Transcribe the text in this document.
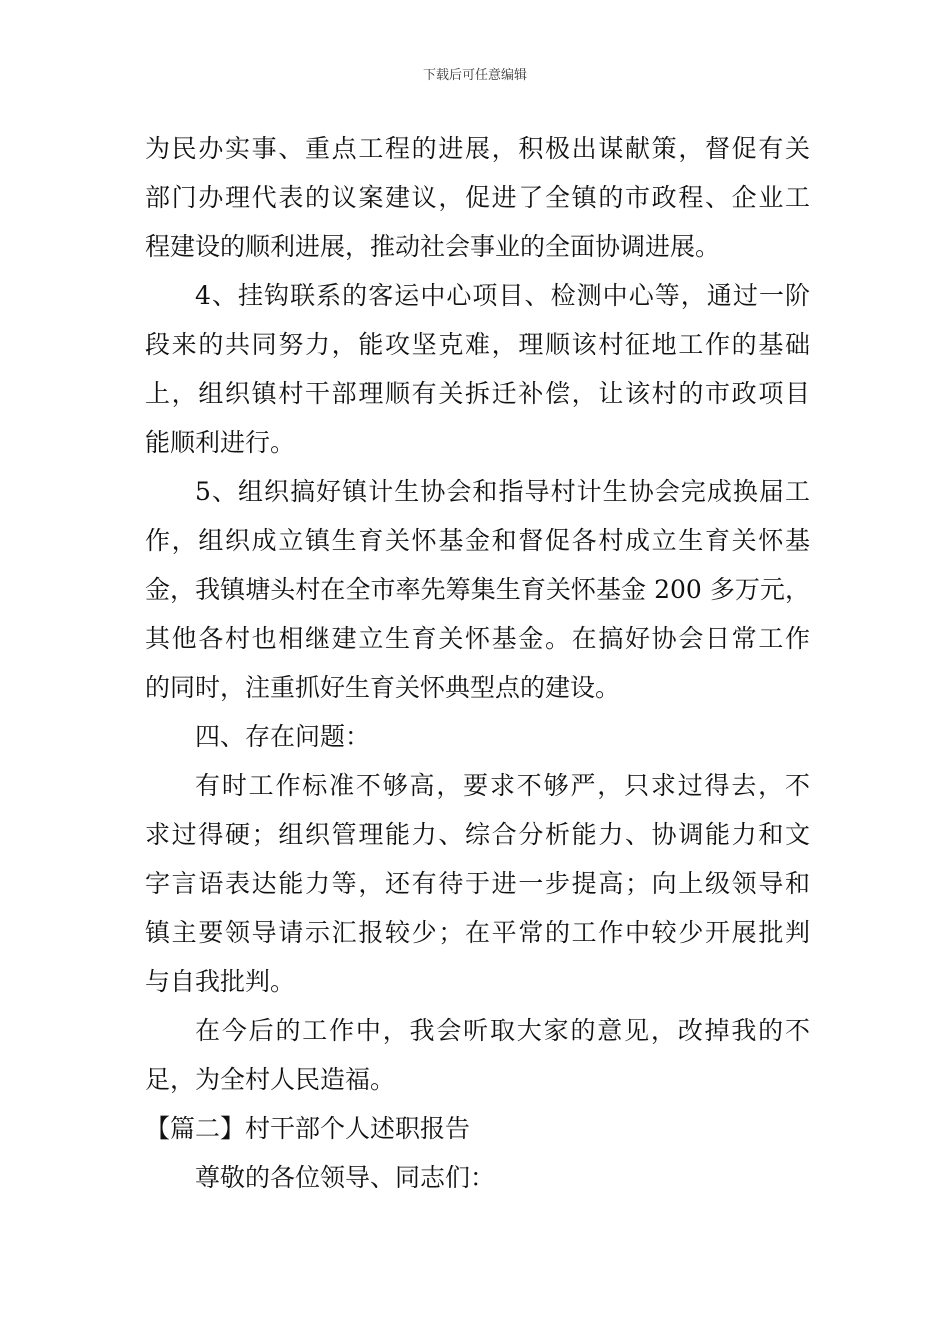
下载后可任意编辑
为民办实事、重点工程的进展，积极出谋献策，督促有关
部门办理代表的议案建议，促进了全镇的市政程、企业工
程建设的顺利进展，推动社会事业的全面协调进展。
4、挂钩联系的客运中心项目、检测中心等，通过一阶
段来的共同努力，能攻坚克难，理顺该村征地工作的基础
上，组织镇村干部理顺有关拆迁补偿，让该村的市政项目
能顺利进行。
5、组织搞好镇计生协会和指导村计生协会完成换届工
作，组织成立镇生育关怀基金和督促各村成立生育关怀基
金，我镇塘头村在全市率先筹集生育关怀基金 200 多万元，
其他各村也相继建立生育关怀基金。在搞好协会日常工作
的同时，注重抓好生育关怀典型点的建设。
四、存在问题：
有时工作标准不够高，要求不够严，只求过得去，不
求过得硬；组织管理能力、综合分析能力、协调能力和文
字言语表达能力等，还有待于进一步提高；向上级领导和
镇主要领导请示汇报较少；在平常的工作中较少开展批判
与自我批判。
在今后的工作中，我会听取大家的意见，改掉我的不
足，为全村人民造福。
【篇二】村干部个人述职报告
尊敬的各位领导、同志们：
